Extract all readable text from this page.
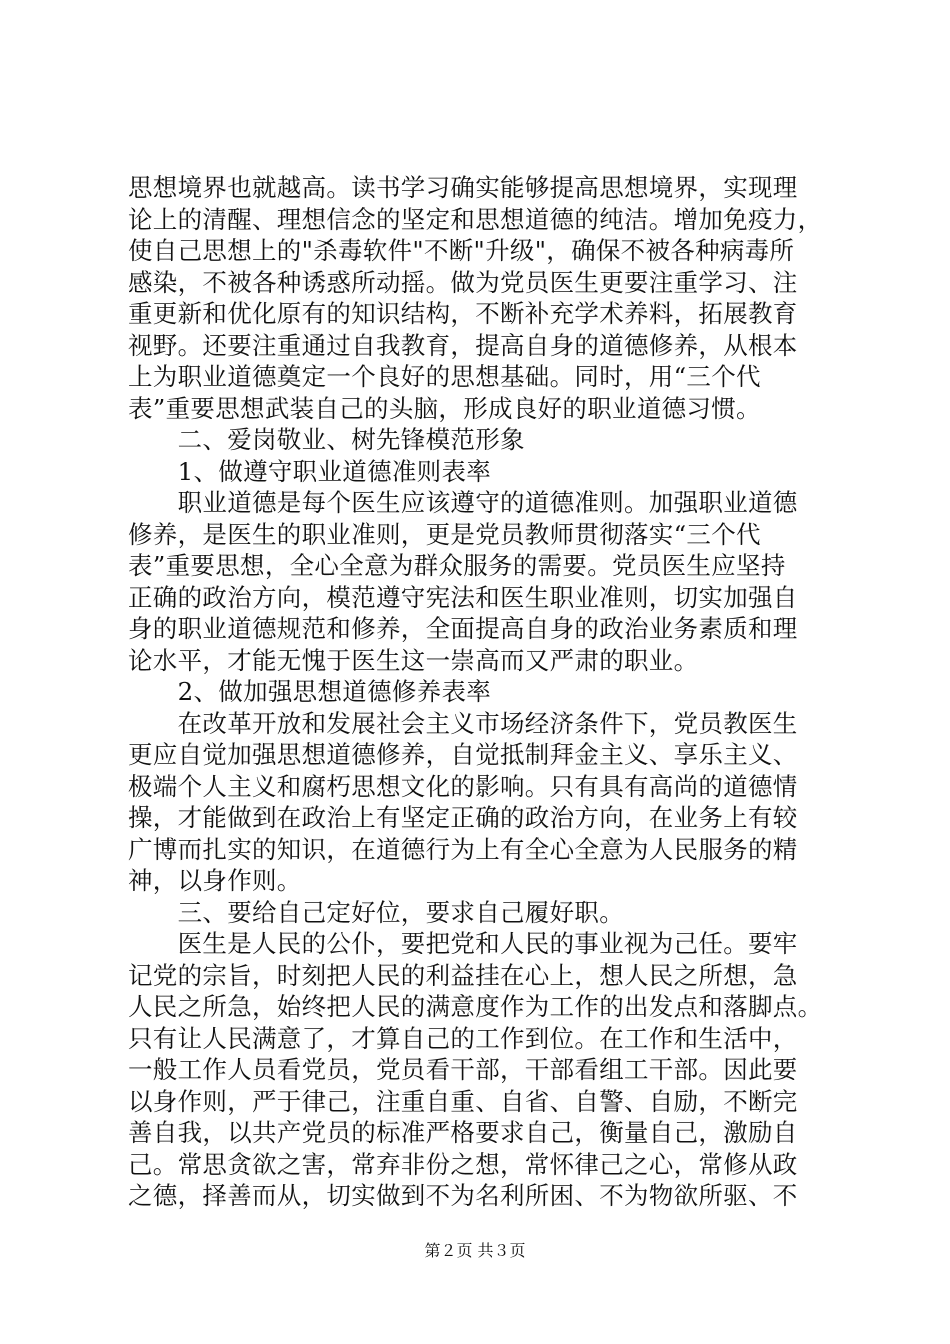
思想境界也就越高。读书学习确实能够提高思想境界，实现理
论上的清醒、理想信念的坚定和思想道德的纯洁。增加免疫力，
使自己思想上的"杀毒软件"不断"升级"，确保不被各种病毒所
感染，不被各种诱惑所动摇。做为党员医生更要注重学习、注
重更新和优化原有的知识结构，不断补充学术养料，拓展教育
视野。还要注重通过自我教育，提高自身的道德修养，从根本
上为职业道德奠定一个良好的思想基础。同时，用“三个代
表”重要思想武装自己的头脑，形成良好的职业道德习惯。
　　二、爱岗敬业、树先锋模范形象
　　1、做遵守职业道德准则表率
　　职业道德是每个医生应该遵守的道德准则。加强职业道德
修养，是医生的职业准则，更是党员教师贯彻落实“三个代
表”重要思想，全心全意为群众服务的需要。党员医生应坚持
正确的政治方向，模范遵守宪法和医生职业准则，切实加强自
身的职业道德规范和修养，全面提高自身的政治业务素质和理
论水平，才能无愧于医生这一崇高而又严肃的职业。
　　2、做加强思想道德修养表率
　　在改革开放和发展社会主义市场经济条件下，党员教医生
更应自觉加强思想道德修养，自觉抵制拜金主义、享乐主义、
极端个人主义和腐朽思想文化的影响。只有具有高尚的道德情
操，才能做到在政治上有坚定正确的政治方向，在业务上有较
广博而扎实的知识，在道德行为上有全心全意为人民服务的精
神，以身作则。
　　三、要给自己定好位，要求自己履好职。
　　医生是人民的公仆，要把党和人民的事业视为己任。要牢
记党的宗旨，时刻把人民的利益挂在心上，想人民之所想，急
人民之所急，始终把人民的满意度作为工作的出发点和落脚点。
只有让人民满意了，才算自己的工作到位。在工作和生活中，
一般工作人员看党员，党员看干部，干部看组工干部。因此要
以身作则，严于律己，注重自重、自省、自警、自励，不断完
善自我，以共产党员的标准严格要求自己，衡量自己，激励自
己。常思贪欲之害，常弃非份之想，常怀律己之心，常修从政
之德，择善而从，切实做到不为名利所困、不为物欲所驱、不
第２页 共３页
